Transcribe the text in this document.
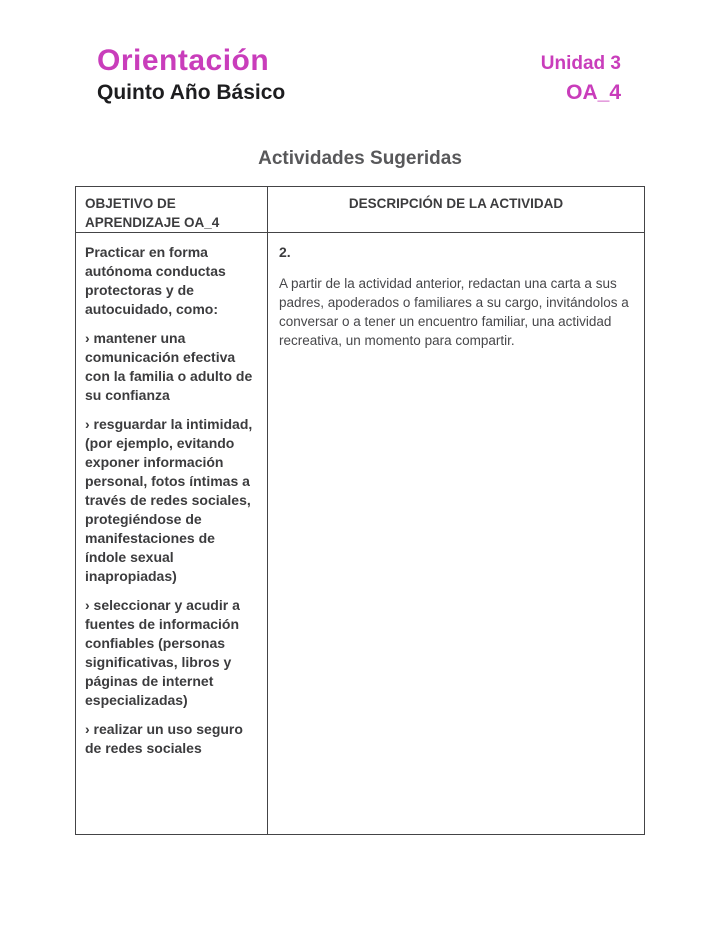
Orientación
Quinto Año Básico
Unidad 3
OA_4
Actividades Sugeridas
OBJETIVO DE APRENDIZAJE OA_4
DESCRIPCIÓN DE LA ACTIVIDAD

Practicar en forma autónoma conductas protectoras y de autocuidado, como:

› mantener una comunicación efectiva con la familia o adulto de su confianza

› resguardar la intimidad, (por ejemplo, evitando exponer información personal, fotos íntimas a través de redes sociales, protegiéndose de manifestaciones de índole sexual inapropiadas)

› seleccionar y acudir a fuentes de información confiables (personas significativas, libros y páginas de internet especializadas)

› realizar un uso seguro de redes sociales

2.
A partir de la actividad anterior, redactan una carta a sus padres, apoderados o familiares a su cargo, invitándolos a conversar o a tener un encuentro familiar, una actividad recreativa, un momento para compartir.
